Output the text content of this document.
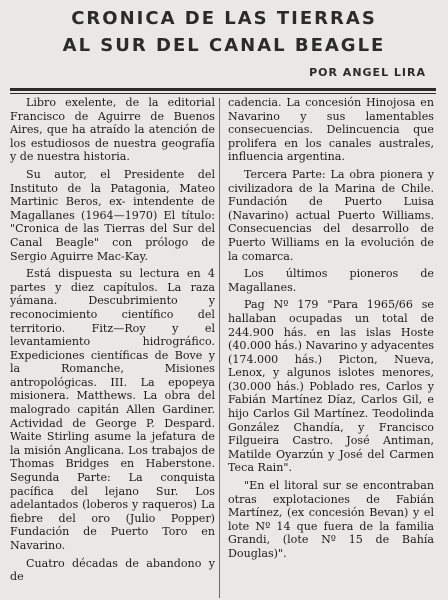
CRONICA DE LAS TIERRAS
AL SUR DEL CANAL BEAGLE
POR ANGEL LIRA

Libro exelente, de la editorial Francisco de Aguirre de Buenos Aires, que ha atraído la atención de los estudiosos de nuestra geografía y de nuestra historia.

Su autor, el Presidente del Instituto de la Patagonia, Mateo Martinic Beros, ex- intendente de Magallanes (1964—1970) El título: "Cronica de las Tierras del Sur del Canal Beagle" con prólogo de Sergio Aguirre Mac-Kay.

Está dispuesta su lectura en 4 partes y diez capítulos. La raza yámana. Descubrimiento y reconocimiento científico del territorio. Fitz—Roy y el levantamiento hidrográfico. Expediciones científicas de Bove y la Romanche, Misiones antropológicas. III. La epopeya misionera. Matthews. La obra del malogrado capitán Allen Gardiner. Actividad de George P. Despard. Waite Stirling asume la jefatura de la misión Anglicana. Los trabajos de Thomas Bridges en Haberstone. Segunda Parte: La conquista pacífica del lejano Sur. Los adelantados (loberos y raqueros) La fiebre del oro (Julio Popper) Fundación de Puerto Toro en Navarino.

Cuatro décadas de abandono y de

cadencia. La concesión Hinojosa en Navarino y sus lamentables consecuencias. Delincuencia que prolifera en los canales australes, influencia argentina.

Tercera Parte: La obra pionera y civilizadora de la Marina de Chile. Fundación de Puerto Luisa (Navarino) actual Puerto Williams. Consecuencias del desarrollo de Puerto Williams en la evolución de la comarca.

Los últimos pioneros de Magallanes.

Pag Nº 179 "Para 1965/66 se hallaban ocupadas un total de 244.900 hás. en las islas Hoste (40.000 hás.) Navarino y adyacentes (174.000 hás.) Picton, Nueva, Lenox, y algunos islotes menores, (30.000 hás.) Poblado res, Carlos y Fabián Martínez Díaz, Carlos Gil, e hijo Carlos Gil Martínez. Teodolinda González Chandía, y Francisco Filgueira Castro. José Antiman, Matilde Oyarzún y José del Carmen Teca Rain".

"En el litoral sur se encontraban otras explotaciones de Fabián Martínez, (ex concesión Bevan) y el lote Nº 14 que fuera de la familia Grandi, (lote Nº 15 de Bahía Douglas)".
